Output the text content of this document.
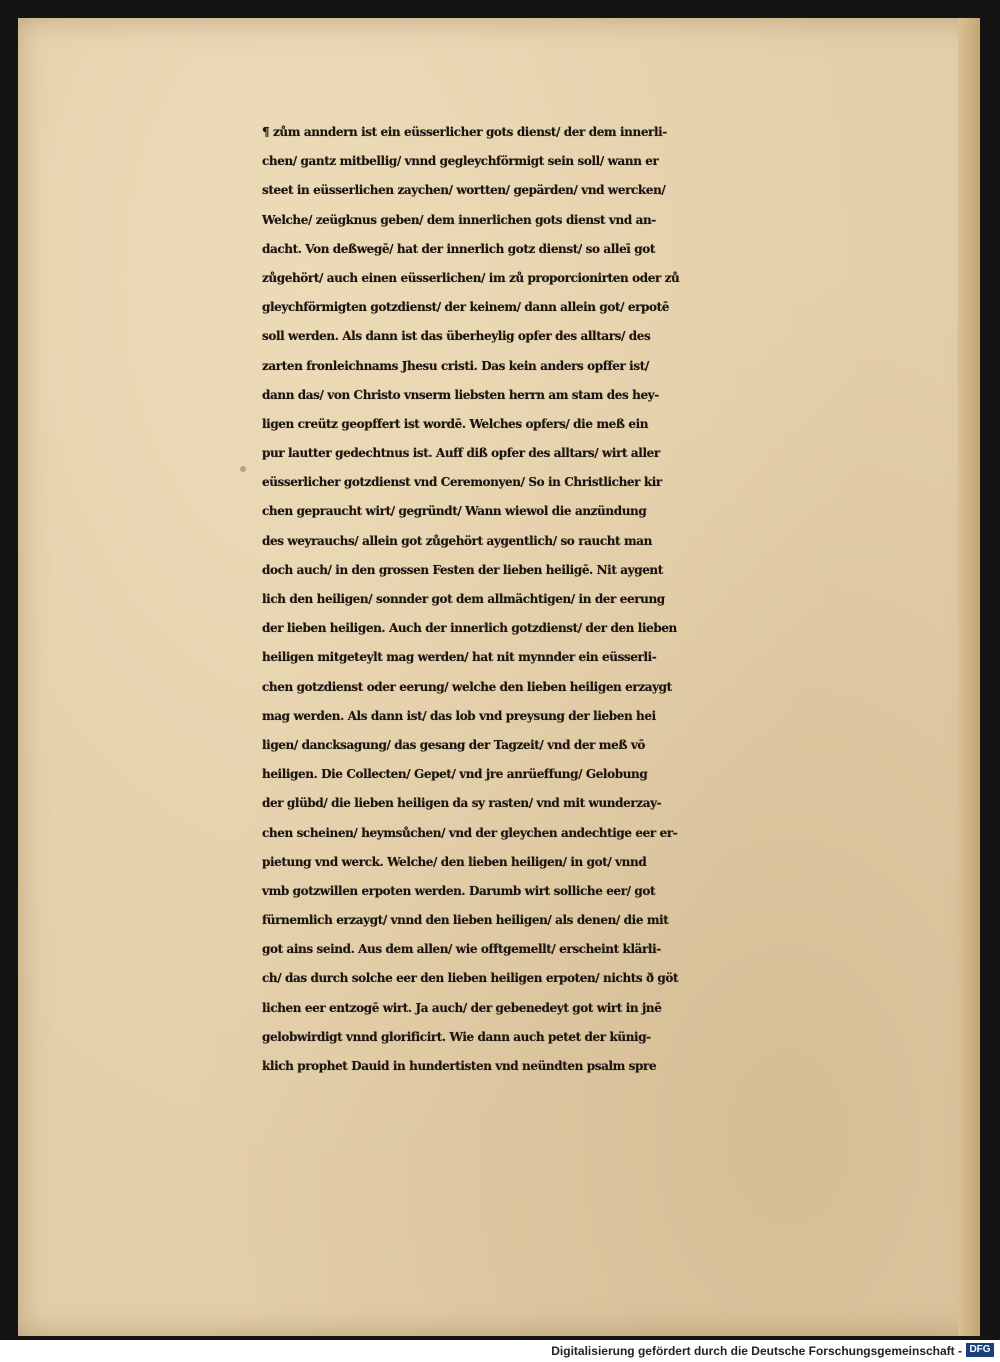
¶ zům anndern ist ein eüsserlicher gots dienst/ der dem innerli-
chen/ gantz mitbellig/ vnnd gegleychförmigt sein soll/ wann er
steet in eüsserlichen zaychen/ wortten/ gepärden/ vnd wercken/
Welche/ zeügknus geben/ dem innerlichen gots dienst vnd an-
dacht. Von deßwegē/ hat der innerlich gotz dienst/ so alleī got
zůgehört/ auch einen eüsserlichen/ im zů proporcionirten oder zů
gleychförmigten gotzdienst/ der keinem/ dann allein got/ erpotē
soll werden. Als dann ist das überheylig opfer des alltars/ des
zarten fronleichnams Jhesu cristi. Das kein anders opffer ist/
dann das/ von Christo vnserm liebsten herrn am stam des hey-
ligen creütz geopffert ist wordē. Welches opfers/ die meß ein
pur lautter gedechtnus ist. Auff diß opfer des alltars/ wirt aller
eüsserlicher gotzdienst vnd Ceremonyen/ So in Christlicher kir
chen gepraucht wirt/ gegründt/ Wann wiewol die anzündung
des weyrauchs/ allein got zůgehört aygentlich/ so raucht man
doch auch/ in den grossen Festen der lieben heiligē. Nit aygent
lich den heiligen/ sonnder got dem allmächtigen/ in der eerung
der lieben heiligen. Auch der innerlich gotzdienst/ der den lieben
heiligen mitgeteylt mag werden/ hat nit mynnder ein eüsserli-
chen gotzdienst oder eerung/ welche den lieben heiligen erzaygt
mag werden. Als dann ist/ das lob vnd preysung der lieben hei
ligen/ dancksagung/ das gesang der Tagzeit/ vnd der meß vō
heiligen. Die Collecten/ Gepet/ vnd jre anrüeffung/ Gelobung
der glübd/ die lieben heiligen da sy rasten/ vnd mit wunderzay-
chen scheinen/ heymsůchen/ vnd der gleychen andechtige eer er-
pietung vnd werck. Welche/ den lieben heiligen/ in got/ vnnd
vmb gotzwillen erpoten werden. Darumb wirt solliche eer/ got
fürnemlich erzaygt/ vnnd den lieben heiligen/ als denen/ die mit
got ains seind. Aus dem allen/ wie offtgemellt/ erscheint klärli-
ch/ das durch solche eer den lieben heiligen erpoten/ nichts ð göt
lichen eer entzogē wirt. Ja auch/ der gebenedeyt got wirt in jnē
gelobwirdigt vnnd glorificirt. Wie dann auch petet der künig-
klich prophet Dauid in hundertisten vnd neündten psalm spre
Digitalisierung gefördert durch die Deutsche Forschungsgemeinschaft - DFG
